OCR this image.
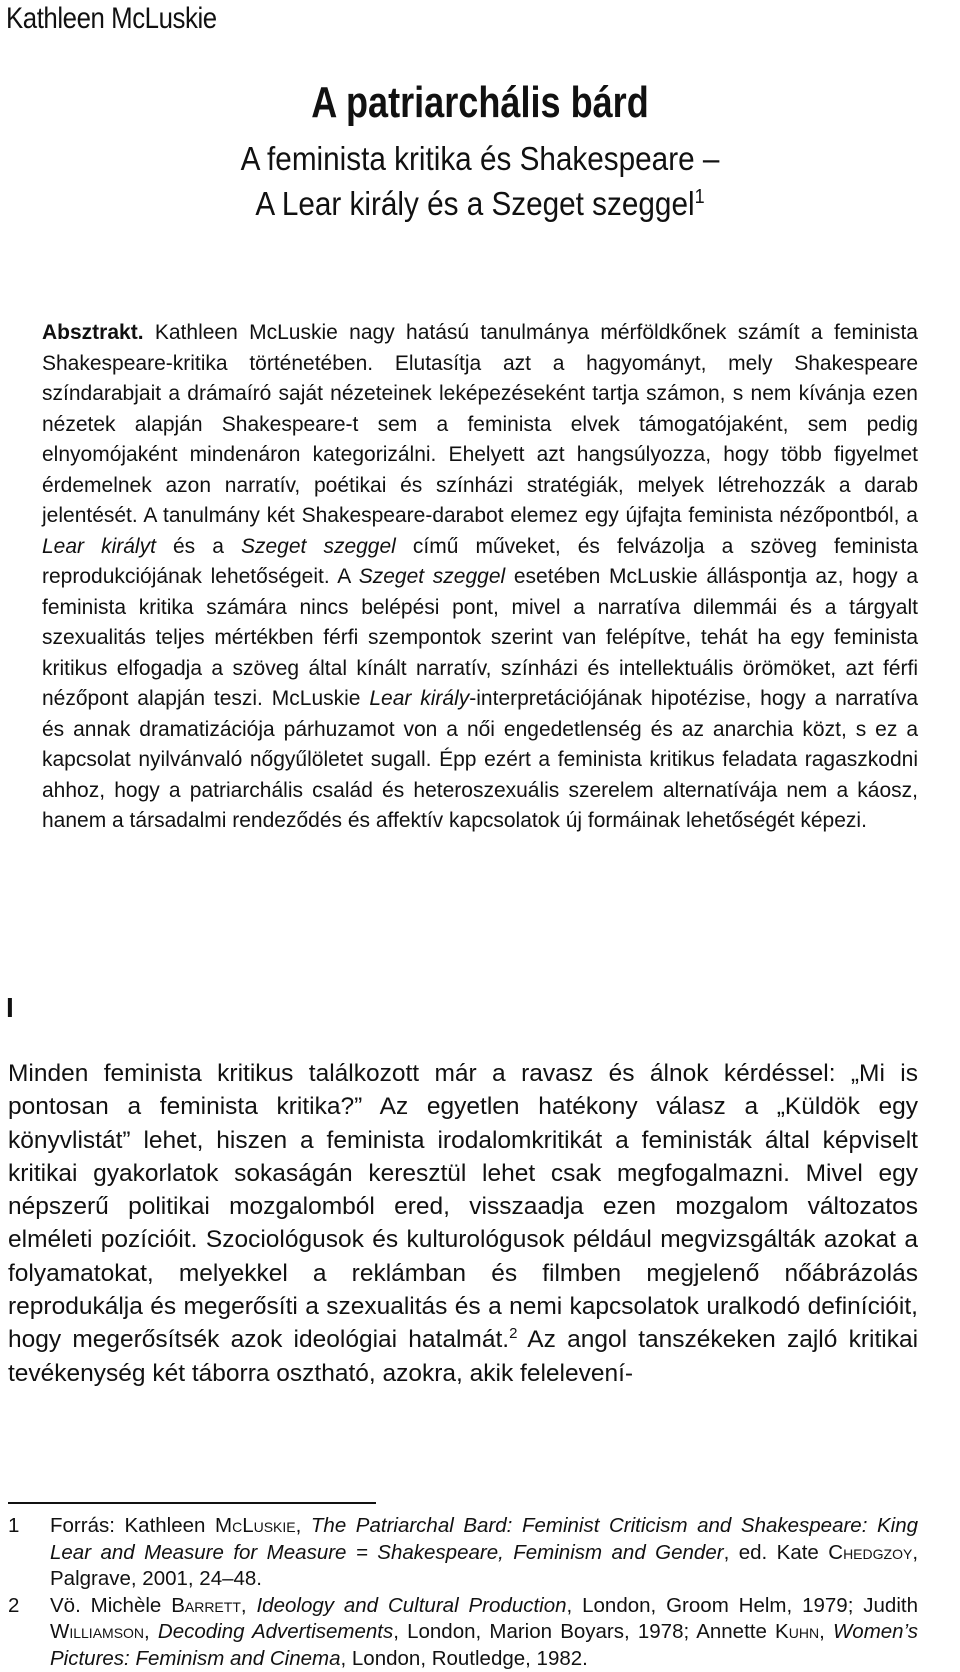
Kathleen McLuskie
A patriarchális bárd
A feminista kritika és Shakespeare –
A Lear király és a Szeget szeggel$^1$
Absztrakt. Kathleen McLuskie nagy hatású tanulmánya mérföldkőnek számít a feminista Shakespeare-kritika történetében. Elutasítja azt a hagyományt, mely Shakespeare színdarabjait a drámaíró saját nézeteinek leképezéseként tartja számon, s nem kívánja ezen nézetek alapján Shakespeare-t sem a feminista elvek támogatójaként, sem pedig elnyomójaként mindenáron kategorizálni. Ehelyett azt hangsúlyozza, hogy több figyelmet érdemelnek azon narratív, poétikai és színházi stratégiák, melyek létrehozzák a darab jelentését. A tanulmány két Shakespeare-darabot elemez egy újfajta feminista nézőpontból, a Lear királyt és a Szeget szeggel című műveket, és felvázolja a szöveg feminista reprodukciójának lehetőségeit. A Szeget szeggel esetében McLuskie álláspontja az, hogy a feminista kritika számára nincs belépési pont, mivel a narratíva dilemmái és a tárgyalt szexualitás teljes mértékben férfi szempontok szerint van felépítve, tehát ha egy feminista kritikus elfogadja a szöveg által kínált narratív, színházi és intellektuális örömöket, azt férfi nézőpont alapján teszi. McLuskie Lear király-interpretációjának hipotézise, hogy a narratíva és annak dramatizációja párhuzamot von a női engedetlenség és az anarchia közt, s ez a kapcsolat nyilvánvaló nőgyűlöletet sugall. Épp ezért a feminista kritikus feladata ragaszkodni ahhoz, hogy a patriarchális család és heteroszexuális szerelem alternatívája nem a káosz, hanem a társadalmi rendeződés és affektív kapcsolatok új formáinak lehetőségét képezi.
I
Minden feminista kritikus találkozott már a ravasz és álnok kérdéssel: „Mi is pontosan a feminista kritika?” Az egyetlen hatékony válasz a „Küldök egy könyvlistát” lehet, hiszen a feminista irodalomkritikát a feministák által képviselt kritikai gyakorlatok sokaságán keresztül lehet csak megfogalmazni. Mivel egy népszerű politikai mozgalomból ered, visszaadja ezen mozgalom változatos elméleti pozícióit. Szociológusok és kulturológusok például megvizsgálták azokat a folyamatokat, melyekkel a reklámban és filmben megjelenő nőábrázolás reprodukálja és megerősíti a szexualitás és a nemi kapcsolatok uralkodó definícióit, hogy megerősítsék azok ideológiai hatalmát.$^2$ Az angol tanszékeken zajló kritikai tevékenység két táborra osztható, azokra, akik felelevení-
1 Forrás: Kathleen McLuskie, The Patriarchal Bard: Feminist Criticism and Shakespeare: King Lear and Measure for Measure = Shakespeare, Feminism and Gender, ed. Kate Chedgzoy, Palgrave, 2001, 24–48.
2 Vö. Michèle Barrett, Ideology and Cultural Production, London, Groom Helm, 1979; Judith Williamson, Decoding Advertisements, London, Marion Boyars, 1978; Annette Kuhn, Women’s Pictures: Feminism and Cinema, London, Routledge, 1982.
